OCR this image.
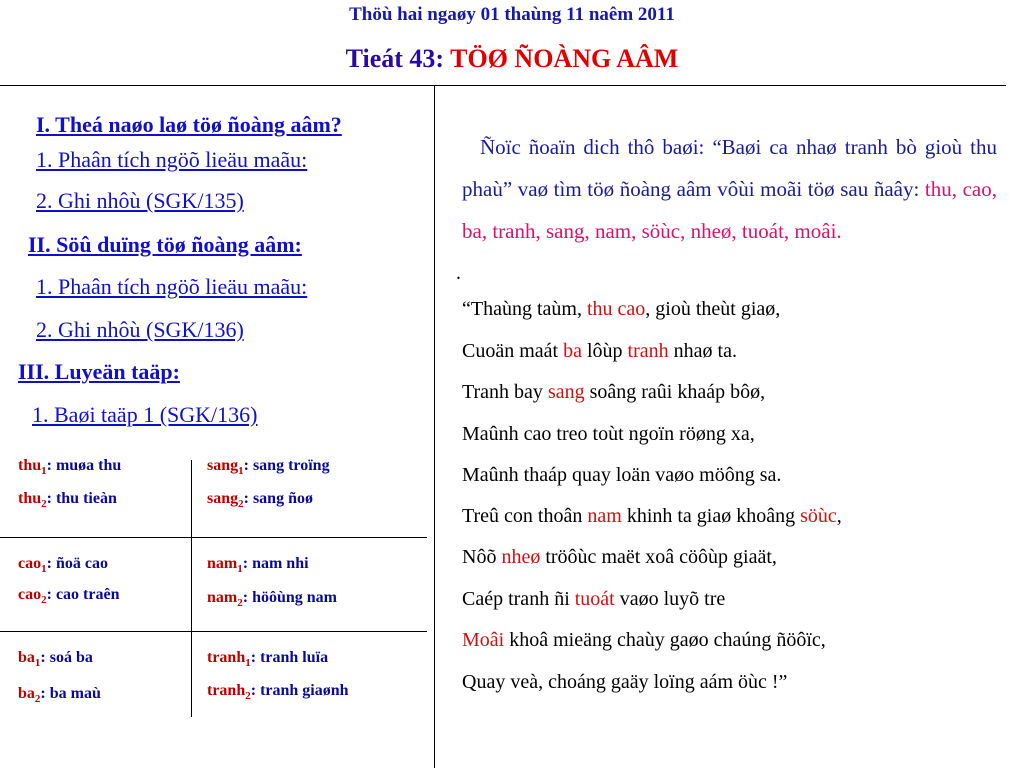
Thöù hai ngaøy 01 thaùng 11 naêm 2011
Tieát 43: TÖØ ÑOÀNG AÂM
I. Theá naøo laø töø ñoàng aâm?
1. Phaân tích ngöõ lieäu maãu:
2. Ghi nhôù (SGK/135)
II. Söû duïng töø ñoàng aâm:
1. Phaân tích ngöõ lieäu maãu:
2. Ghi nhôù (SGK/136)
III. Luyeän taäp:
1. Baøi taäp 1 (SGK/136)
thu$_1$: muøa thu
thu$_2$: thu tieàn
sang$_1$: sang troïng
sang$_2$: sang ñoø
cao$_1$: ñoä cao
cao$_2$: cao traên
nam$_1$: nam nhi
nam$_2$: höôùng nam
$ba_1$: soá ba
$ba_2$: ba maù
tranh$_1$: tranh luïa
tranh$_2$: tranh giaønh
Ñoïc ñoaïn dich thô baøi: “Baøi ca nhaø tranh bò gioù thu phaù” vaø tìm töø ñoàng aâm vôùi moãi töø sau ñaây: thu, cao, ba, tranh, sang, nam, söùc, nheø, tuoát, moâi.
.
“Thaùng taùm, thu cao, gioù theùt giaø,
Cuoän maát ba lôùp tranh nhaø ta.
Tranh bay sang soâng raûi khaáp bôø,
Maûnh cao treo toùt ngoïn röøng xa,
Maûnh thaáp quay loän vaøo möông sa.
Treû con thoân nam khinh ta giaø khoâng söùc,
Nôõ nheø tröôùc maët xoâ cöôùp giaät,
Caép tranh ñi tuoát vaøo luyõ tre
Moâi khoâ mieäng chaùy gaøo chaúng ñöôïc,
Quay veà, choáng gaäy loïng aám öùc !”
